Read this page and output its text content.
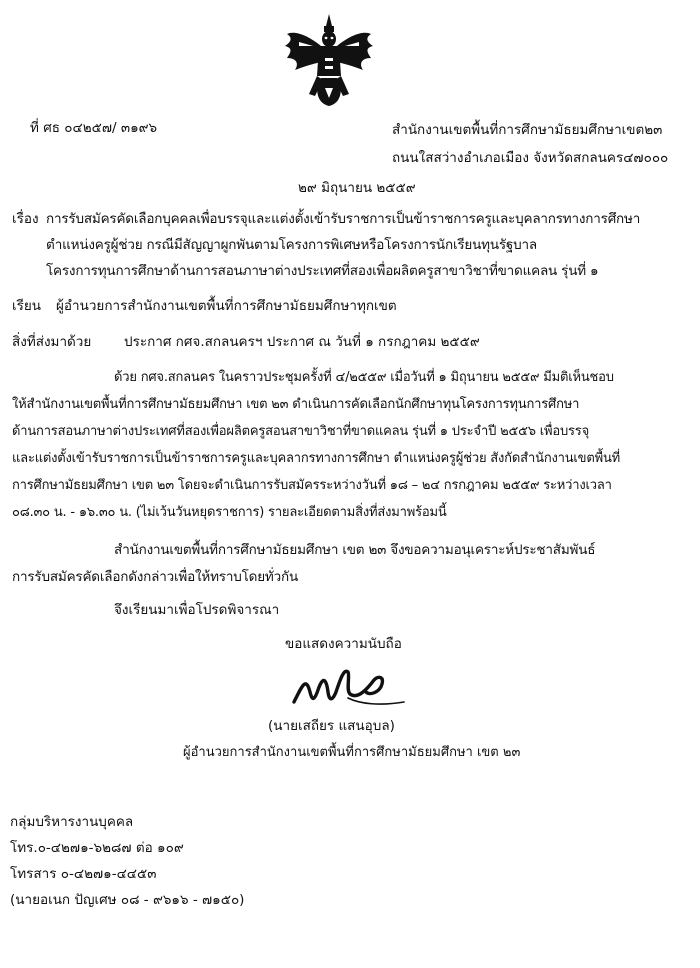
ที่ ศธ ๐๔๒๕๗/ ๓๑๙๖	สำนักงานเขตพื้นที่การศึกษามัธยมศึกษาเขต๒๓
ถนนใสสว่างอำเภอเมือง จังหวัดสกลนคร๔๗๐๐๐
๒๙ มิถุนายน ๒๕๕๙
เรื่อง การรับสมัครคัดเลือกบุคคลเพื่อบรรจุและแต่งตั้งเข้ารับราชการเป็นข้าราชการครูและบุคลากรทางการศึกษา
ตำแหน่งครูผู้ช่วย กรณีมีสัญญาผูกพันตามโครงการพิเศษหรือโครงการนักเรียนทุนรัฐบาล
โครงการทุนการศึกษาด้านการสอนภาษาต่างประเทศที่สองเพื่อผลิตครูสาขาวิชาที่ขาดแคลน รุ่นที่ ๑
เรียน ผู้อำนวยการสำนักงานเขตพื้นที่การศึกษามัธยมศึกษาทุกเขต
สิ่งที่ส่งมาด้วย ประกาศ กศจ.สกลนครฯ ประกาศ ณ วันที่ ๑ กรกฎาคม ๒๕๕๙
ด้วย กศจ.สกลนคร ในคราวประชุมครั้งที่ ๔/๒๕๕๙ เมื่อวันที่ ๑ มิถุนายน ๒๕๕๙ มีมติเห็นชอบ
ให้สำนักงานเขตพื้นที่การศึกษามัธยมศึกษา เขต ๒๓ ดำเนินการคัดเลือกนักศึกษาทุนโครงการทุนการศึกษา
ด้านการสอนภาษาต่างประเทศที่สองเพื่อผลิตครูสอนสาขาวิชาที่ขาดแคลน รุ่นที่ ๑ ประจำปี ๒๕๕๖ เพื่อบรรจุ
และแต่งตั้งเข้ารับราชการเป็นข้าราชการครูและบุคลากรทางการศึกษา ตำแหน่งครูผู้ช่วย สังกัดสำนักงานเขตพื้นที่
การศึกษามัธยมศึกษา เขต ๒๓ โดยจะดำเนินการรับสมัครระหว่างวันที่ ๑๘ – ๒๔ กรกฎาคม ๒๕๕๙ ระหว่างเวลา
๐๘.๓๐ น. - ๑๖.๓๐ น. (ไม่เว้นวันหยุดราชการ) รายละเอียดตามสิ่งที่ส่งมาพร้อมนี้
สำนักงานเขตพื้นที่การศึกษามัธยมศึกษา เขต ๒๓ จึงขอความอนุเคราะห์ประชาสัมพันธ์
การรับสมัครคัดเลือกดังกล่าวเพื่อให้ทราบโดยทั่วกัน
จึงเรียนมาเพื่อโปรดพิจารณา
ขอแสดงความนับถือ
(นายเสถียร แสนอุบล)
ผู้อำนวยการสำนักงานเขตพื้นที่การศึกษามัธยมศึกษา เขต ๒๓
กลุ่มบริหารงานบุคคล
โทร.๐-๔๒๗๑-๖๒๘๗ ต่อ ๑๐๙
โทรสาร ๐-๔๒๗๑-๔๔๕๓
(นายอเนก ปัญเศษ ๐๘ - ๙๖๑๖ - ๗๑๕๐)
